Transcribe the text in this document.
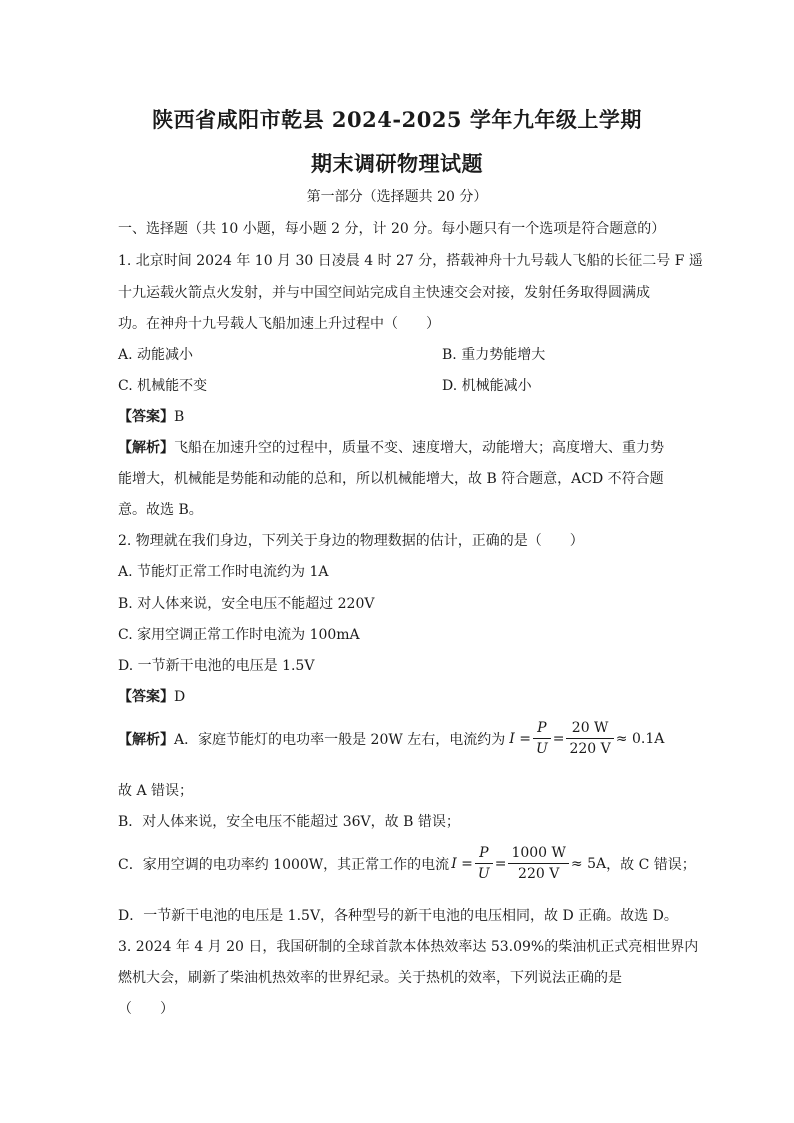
陕西省咸阳市乾县 2024-2025 学年九年级上学期
期末调研物理试题
第一部分（选择题共 20 分）
一、选择题（共 10 小题，每小题 2 分，计 20 分。每小题只有一个选项是符合题意的）
1. 北京时间 2024 年 10 月 30 日凌晨 4 时 27 分，搭载神舟十九号载人飞船的长征二号 F 遥
十九运载火箭点火发射，并与中国空间站完成自主快速交会对接，发射任务取得圆满成
功。在神舟十九号载人飞船加速上升过程中（　　）
A. 动能减小	B. 重力势能增大
C. 机械能不变	D. 机械能减小
【答案】B
【解析】飞船在加速升空的过程中，质量不变、速度增大，动能增大；高度增大、重力势
能增大，机械能是势能和动能的总和，所以机械能增大，故 B 符合题意，ACD 不符合题
意。故选 B。
2. 物理就在我们身边，下列关于身边的物理数据的估计，正确的是（　　）
A. 节能灯正常工作时电流约为 1A
B. 对人体来说，安全电压不能超过 220V
C. 家用空调正常工作时电流为 100mA
D. 一节新干电池的电压是 1.5V
【答案】D
【解析】 A．家庭节能灯的电功率一般是 20W 左右，电流约为 $I = \frac{P}{U} = \frac{20 W}{220 V} \approx 0.1A$
故 A 错误；
B．对人体来说，安全电压不能超过 36V，故 B 错误；
C．家用空调的电功率约 1000W，其正常工作的电流 $I = \frac{P}{U} = \frac{1000 W}{220 V} \approx 5A$ ，故 C 错误；
D．一节新干电池的电压是 1.5V，各种型号的新干电池的电压相同，故 D 正确。故选 D。
3. 2024 年 4 月 20 日，我国研制的全球首款本体热效率达 53.09%的柴油机正式亮相世界内
燃机大会，刷新了柴油机热效率的世界纪录。关于热机的效率，下列说法正确的是
（　　）
